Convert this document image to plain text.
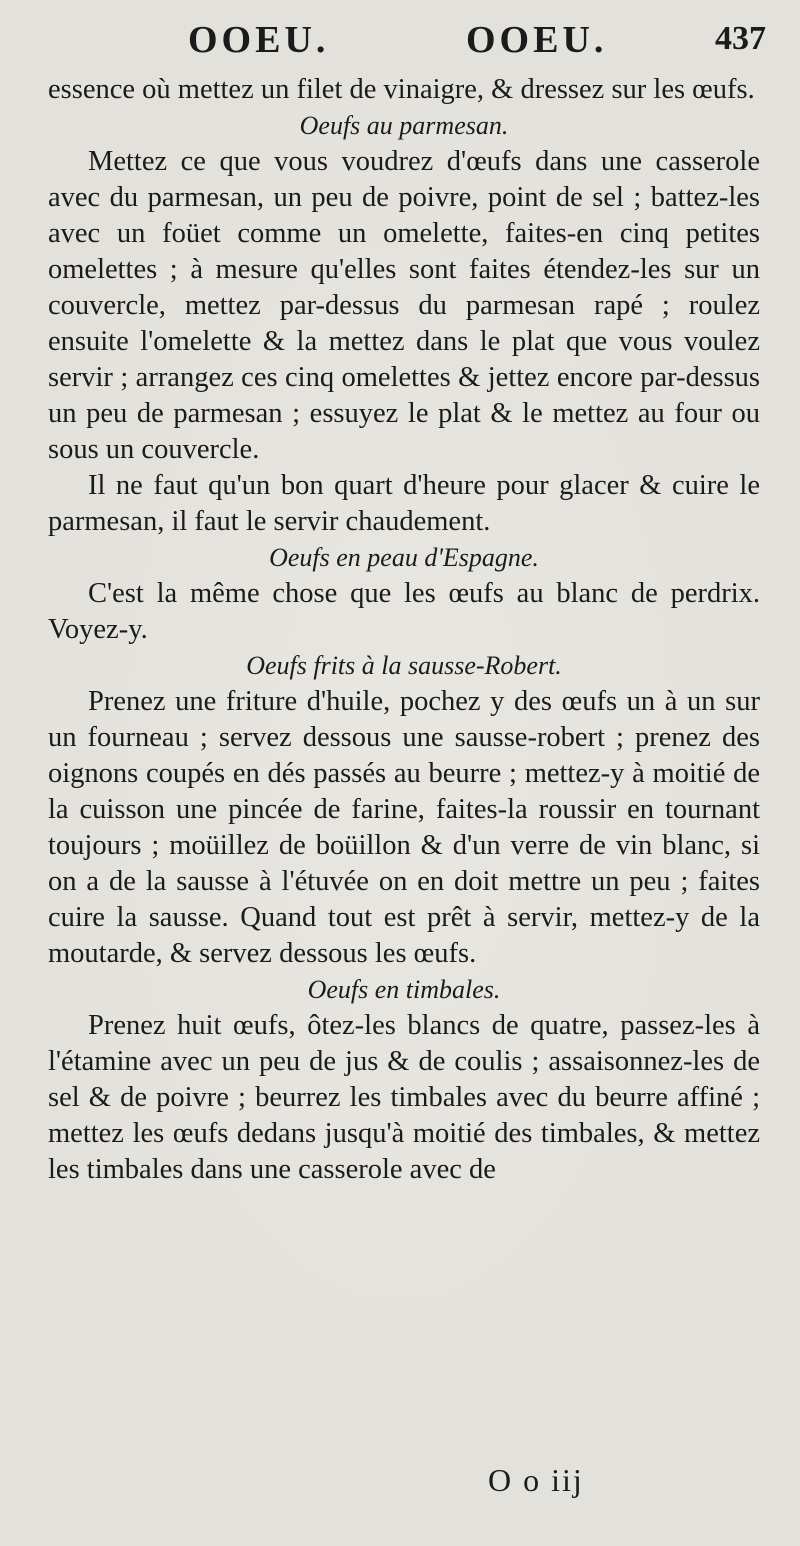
OOEU.	OOEU.	437

essence où mettez un filet de vinaigre, & dressez sur les œufs.

Oeufs au parmesan.

Mettez ce que vous voudrez d'œufs dans une casserole avec du parmesan, un peu de poivre, point de sel ; battez-les avec un foüet comme un omelette, faites-en cinq petites omelettes ; à mesure qu'elles sont faites étendez-les sur un couvercle, mettez par-dessus du parmesan rapé ; roulez ensuite l'omelette & la mettez dans le plat que vous voulez servir ; arrangez ces cinq omelettes & jettez encore par-dessus un peu de parmesan ; essuyez le plat & le mettez au four ou sous un couvercle.

Il ne faut qu'un bon quart d'heure pour glacer & cuire le parmesan, il faut le servir chaudement.

Oeufs en peau d'Espagne.

C'est la même chose que les œufs au blanc de perdrix. Voyez-y.

Oeufs frits à la sausse-Robert.

Prenez une friture d'huile, pochez y des œufs un à un sur un fourneau ; servez dessous une sausse-robert ; prenez des oignons coupés en dés passés au beurre ; mettez-y à moitié de la cuisson une pincée de farine, faites-la roussir en tournant toujours ; moüillez de boüillon & d'un verre de vin blanc, si on a de la sausse à l'étuvée on en doit mettre un peu ; faites cuire la sausse. Quand tout est prêt à servir, mettez-y de la moutarde, & servez dessous les œufs.

Oeufs en timbales.

Prenez huit œufs, ôtez-les blancs de quatre, passez-les à l'étamine avec un peu de jus & de coulis ; assaisonnez-les de sel & de poivre ; beurrez les timbales avec du beurre affiné ; mettez les œufs dedans jusqu'à moitié des timbales, & mettez les timbales dans une casserole avec de

O o iij
